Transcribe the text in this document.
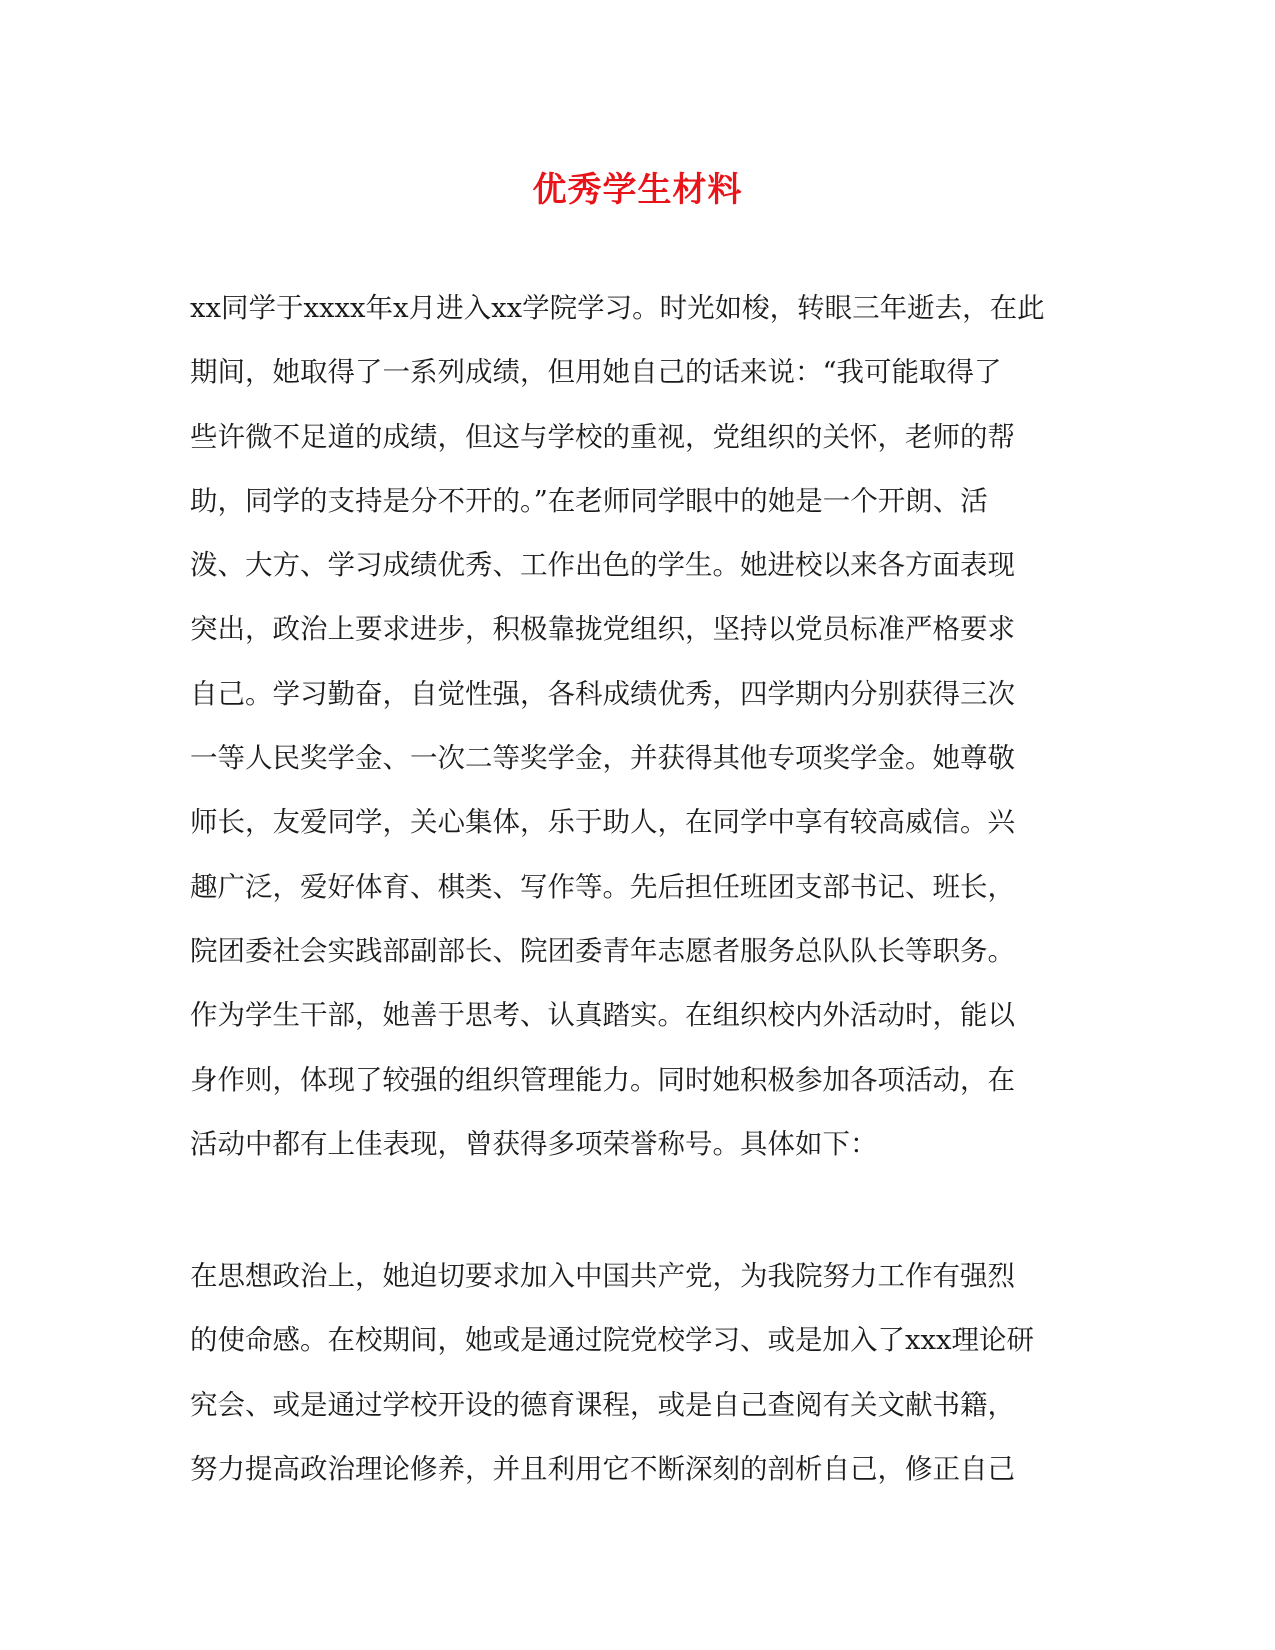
优秀学生材料
xx同学于xxxx年x月进入xx学院学习。时光如梭，转眼三年逝去，在此
期间，她取得了一系列成绩，但用她自己的话来说：“我可能取得了
些许微不足道的成绩，但这与学校的重视，党组织的关怀，老师的帮
助，同学的支持是分不开的。”在老师同学眼中的她是一个开朗、活
泼、大方、学习成绩优秀、工作出色的学生。她进校以来各方面表现
突出，政治上要求进步，积极靠拢党组织，坚持以党员标准严格要求
自己。学习勤奋，自觉性强，各科成绩优秀，四学期内分别获得三次
一等人民奖学金、一次二等奖学金，并获得其他专项奖学金。她尊敬
师长，友爱同学，关心集体，乐于助人，在同学中享有较高威信。兴
趣广泛，爱好体育、棋类、写作等。先后担任班团支部书记、班长，
院团委社会实践部副部长、院团委青年志愿者服务总队队长等职务。
作为学生干部，她善于思考、认真踏实。在组织校内外活动时，能以
身作则，体现了较强的组织管理能力。同时她积极参加各项活动，在
活动中都有上佳表现，曾获得多项荣誉称号。具体如下：
在思想政治上，她迫切要求加入中国共产党，为我院努力工作有强烈
的使命感。在校期间，她或是通过院党校学习、或是加入了xxx理论研
究会、或是通过学校开设的德育课程，或是自己查阅有关文献书籍，
努力提高政治理论修养，并且利用它不断深刻的剖析自己，修正自己
